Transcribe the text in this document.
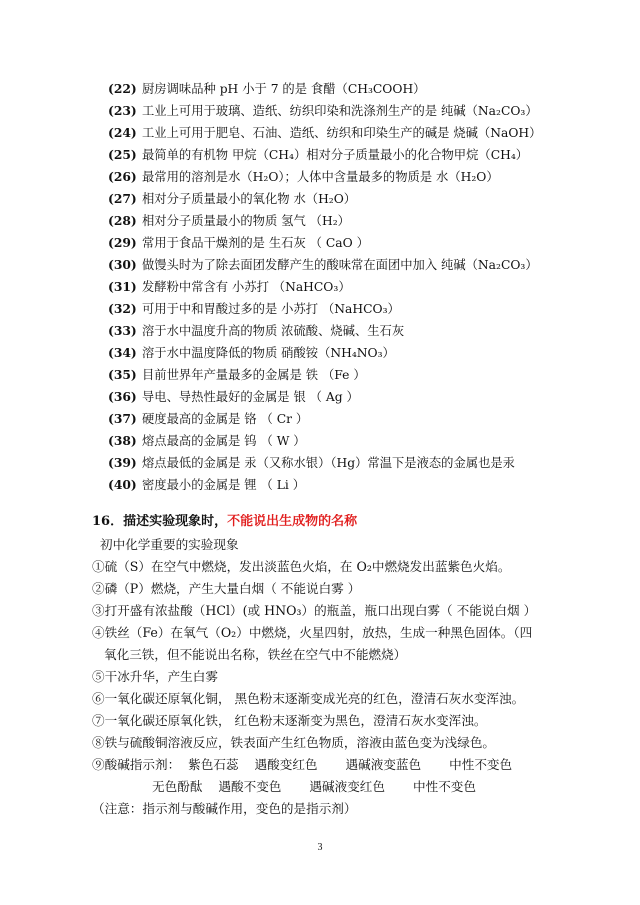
(22) 厨房调味品种 pH 小于 7 的是 食醋（CH₃COOH）
(23) 工业上可用于玻璃、造纸、纺织印染和洗涤剂生产的是 纯碱（Na₂CO₃）
(24) 工业上可用于肥皂、石油、造纸、纺织和印染生产的碱是 烧碱（NaOH）
(25) 最简单的有机物 甲烷（CH₄）相对分子质量最小的化合物甲烷（CH₄）
(26) 最常用的溶剂是水（H₂O）；人体中含量最多的物质是 水（H₂O）
(27) 相对分子质量最小的氧化物 水（H₂O）
(28) 相对分子质量最小的物质 氢气 （H₂）
(29) 常用于食品干燥剂的是 生石灰 （ CaO ）
(30) 做馒头时为了除去面团发酵产生的酸味常在面团中加入 纯碱（Na₂CO₃）
(31) 发酵粉中常含有 小苏打 （NaHCO₃）
(32) 可用于中和胃酸过多的是 小苏打 （NaHCO₃）
(33) 溶于水中温度升高的物质 浓硫酸、烧碱、生石灰
(34) 溶于水中温度降低的物质 硝酸铵（NH₄NO₃）
(35) 目前世界年产量最多的金属是 铁 （Fe ）
(36) 导电、导热性最好的金属是 银 （ Ag ）
(37) 硬度最高的金属是 铬 （ Cr ）
(38) 熔点最高的金属是 钨 （ W ）
(39) 熔点最低的金属是 汞（又称水银）（Hg）常温下是液态的金属也是汞
(40) 密度最小的金属是 锂 （ Li ）
16．描述实验现象时，不能说出生成物的名称
初中化学重要的实验现象
①硫（S）在空气中燃烧，发出淡蓝色火焰，在 O₂中燃烧发出蓝紫色火焰。
②磷（P）燃烧，产生大量白烟（ 不能说白雾 ）
③打开盛有浓盐酸（HCl）(或 HNO₃）的瓶盖，瓶口出现白雾（ 不能说白烟 ）
④铁丝（Fe）在氧气（O₂）中燃烧，火星四射，放热，生成一种黑色固体。（四
氧化三铁，但不能说出名称，铁丝在空气中不能燃烧）
⑤干冰升华，产生白雾
⑥一氧化碳还原氧化铜， 黑色粉末逐渐变成光亮的红色，澄清石灰水变浑浊。
⑦一氧化碳还原氧化铁， 红色粉末逐渐变为黑色，澄清石灰水变浑浊。
⑧铁与硫酸铜溶液反应，铁表面产生红色物质，溶液由蓝色变为浅绿色。
⑨酸碱指示剂：  紫色石蕊    遇酸变红色       遇碱液变蓝色       中性不变色
无色酚酞    遇酸不变色       遇碱液变红色       中性不变色
（注意：指示剂与酸碱作用，变色的是指示剂）
3
